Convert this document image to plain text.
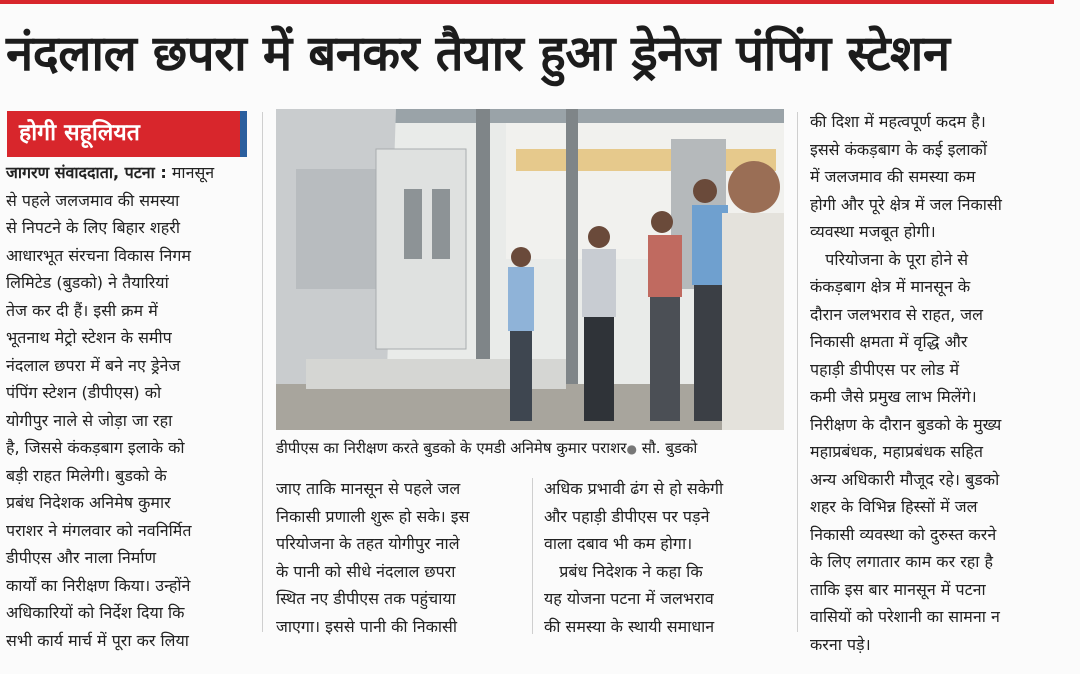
नंदलाल छपरा में बनकर तैयार हुआ ड्रेनेज पंपिंग स्टेशन
होगी सहूलियत
जागरण संवाददाता, पटना : मानसून
से पहले जलजमाव की समस्या
से निपटने के लिए बिहार शहरी
आधारभूत संरचना विकास निगम
लिमिटेड (बुडको) ने तैयारियां
तेज कर दी हैं। इसी क्रम में
भूतनाथ मेट्रो स्टेशन के समीप
नंदलाल छपरा में बने नए ड्रेनेज
पंपिंग स्टेशन (डीपीएस) को
योगीपुर नाले से जोड़ा जा रहा
है, जिससे कंकड़बाग इलाके को
बड़ी राहत मिलेगी। बुडको के
प्रबंध निदेशक अनिमेष कुमार
पराशर ने मंगलवार को नवनिर्मित
डीपीएस और नाला निर्माण
कार्यों का निरीक्षण किया। उन्होंने
अधिकारियों को निर्देश दिया कि
सभी कार्य मार्च में पूरा कर लिया
डीपीएस का निरीक्षण करते बुडको के एमडी अनिमेष कुमार पराशर● सौ. बुडको
जाए ताकि मानसून से पहले जल
निकासी प्रणाली शुरू हो सके। इस
परियोजना के तहत योगीपुर नाले
के पानी को सीधे नंदलाल छपरा
स्थित नए डीपीएस तक पहुंचाया
जाएगा। इससे पानी की निकासी
अधिक प्रभावी ढंग से हो सकेगी
और पहाड़ी डीपीएस पर पड़ने
वाला दबाव भी कम होगा।
प्रबंध निदेशक ने कहा कि
यह योजना पटना में जलभराव
की समस्या के स्थायी समाधान
की दिशा में महत्वपूर्ण कदम है।
इससे कंकड़बाग के कई इलाकों
में जलजमाव की समस्या कम
होगी और पूरे क्षेत्र में जल निकासी
व्यवस्था मजबूत होगी।
परियोजना के पूरा होने से
कंकड़बाग क्षेत्र में मानसून के
दौरान जलभराव से राहत, जल
निकासी क्षमता में वृद्धि और
पहाड़ी डीपीएस पर लोड में
कमी जैसे प्रमुख लाभ मिलेंगे।
निरीक्षण के दौरान बुडको के मुख्य
महाप्रबंधक, महाप्रबंधक सहित
अन्य अधिकारी मौजूद रहे। बुडको
शहर के विभिन्न हिस्सों में जल
निकासी व्यवस्था को दुरुस्त करने
के लिए लगातार काम कर रहा है
ताकि इस बार मानसून में पटना
वासियों को परेशानी का सामना न
करना पड़े।
